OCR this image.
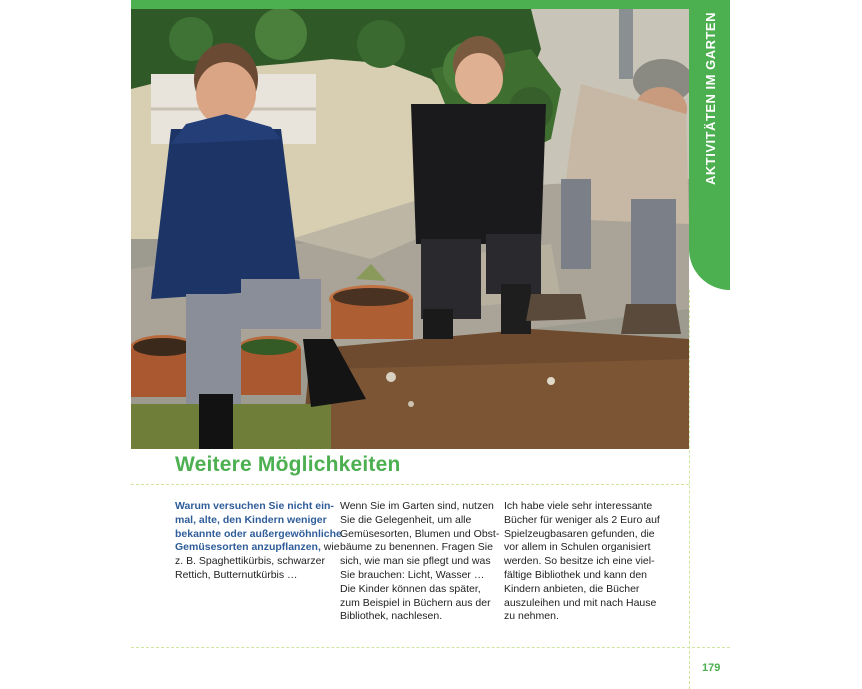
AKTIVITÄTEN IM GARTEN
Weitere Möglichkeiten
Warum versuchen Sie nicht ein-
mal, alte, den Kindern weniger
bekannte oder außergewöhnliche
Gemüsesorten anzupflanzen, wie
z. B. Spaghettikürbis, schwarzer
Rettich, Butternutkürbis …
Wenn Sie im Garten sind, nutzen
Sie die Gelegenheit, um alle
Gemüsesorten, Blumen und Obst-
bäume zu benennen. Fragen Sie
sich, wie man sie pflegt und was
Sie brauchen: Licht, Wasser …
Die Kinder können das später,
zum Beispiel in Büchern aus der
Bibliothek, nachlesen.
Ich habe viele sehr interessante
Bücher für weniger als 2 Euro auf
Spielzeugbasaren gefunden, die
vor allem in Schulen organisiert
werden. So besitze ich eine viel-
fältige Bibliothek und kann den
Kindern anbieten, die Bücher
auszuleihen und mit nach Hause
zu nehmen.
179
